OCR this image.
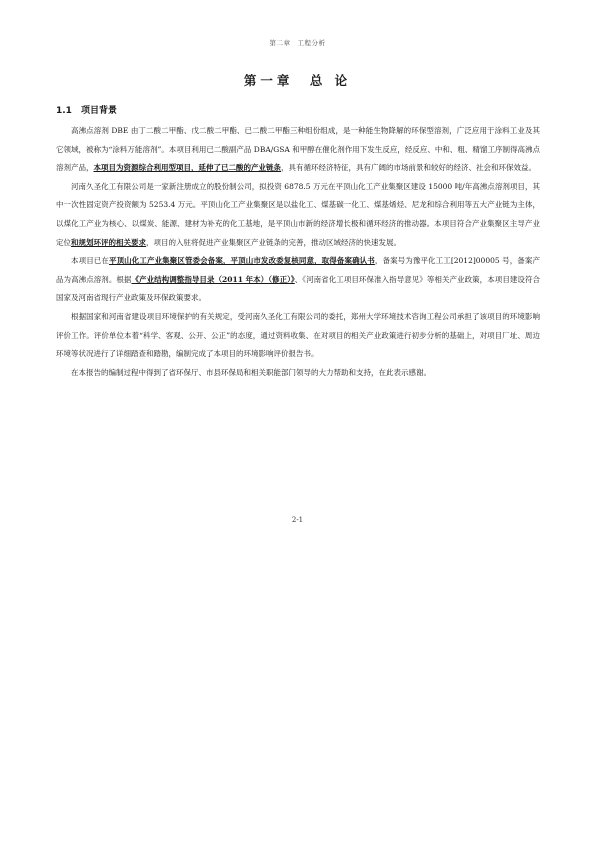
第二章　工程分析
第一章　总 论
1.1　项目背景

高沸点溶剂 DBE 由丁二酸二甲酯、戊二酸二甲酯、已二酸二甲酯三种组份组成，是一种能生物降解的环保型溶剂，广泛应用于涂料工业及其它领域，被称为“涂料万能溶剂”。本项目利用已二酸副产品 DBA/GSA 和甲醇在催化剂作用下发生反应，经反应、中和、粗、精馏工序制得高沸点溶剂产品，本项目为资源综合利用型项目，延伸了已二酸的产业链条，具有循环经济特征，具有广阔的市场前景和较好的经济、社会和环保效益。

河南久圣化工有限公司是一家新注册成立的股份制公司，拟投资 6878.5 万元在平顶山化工产业集聚区建设 15000 吨/年高沸点溶剂项目，其中一次性固定资产投资额为 5253.4 万元。平顶山化工产业集聚区是以盐化工、煤基碳一化工、煤基烯烃、尼龙和综合利用等五大产业链为主体，以煤化工产业为核心、以煤炭、能源、建材为补充的化工基地，是平顶山市新的经济增长极和循环经济的推动器。本项目符合产业集聚区主导产业定位和规划环评的相关要求，项目的入驻将促进产业集聚区产业链条的完善，推动区域经济的快速发展。

本项目已在平顶山化工产业集聚区管委会备案，平顶山市发改委复核同意，取得备案确认书，备案号为豫平化工工[2012]00005 号，备案产品为高沸点溶剂。根据《产业结构调整指导目录（2011 年本）（修正）》、《河南省化工项目环保准入指导意见》等相关产业政策，本项目建设符合国家及河南省现行产业政策及环保政策要求。

根据国家和河南省建设项目环境保护的有关规定，受河南久圣化工有限公司的委托，郑州大学环境技术咨询工程公司承担了该项目的环境影响评价工作。评价单位本着“科学、客观、公开、公正”的态度，通过资料收集、在对项目的相关产业政策进行初步分析的基础上，对项目厂址、周边环境等状况进行了详细踏查和踏勘，编制完成了本项目的环境影响评价报告书。

在本报告的编制过程中得到了省环保厅、市县环保局和相关职能部门领导的大力帮助和支持，在此表示感谢。

2-1
